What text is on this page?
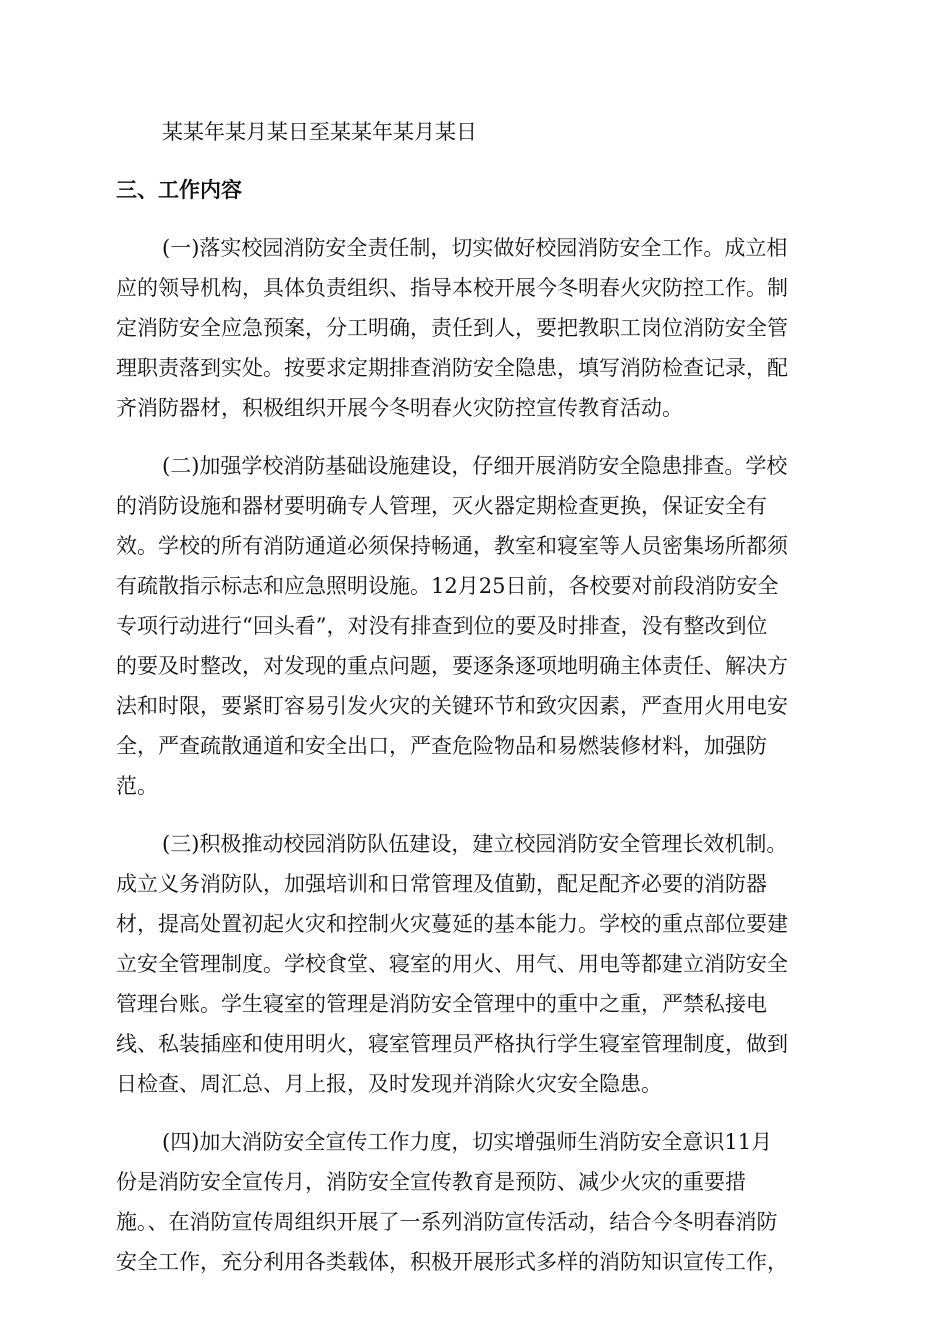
某某年某月某日至某某年某月某日

三、工作内容

(一)落实校园消防安全责任制，切实做好校园消防安全工作。成立相

应的领导机构，具体负责组织、指导本校开展今冬明春火灾防控工作。制

定消防安全应急预案，分工明确，责任到人，要把教职工岗位消防安全管

理职责落到实处。按要求定期排查消防安全隐患，填写消防检查记录，配

齐消防器材，积极组织开展今冬明春火灾防控宣传教育活动。

(二)加强学校消防基础设施建设，仔细开展消防安全隐患排查。学校

的消防设施和器材要明确专人管理，灭火器定期检查更换，保证安全有

效。学校的所有消防通道必须保持畅通，教室和寝室等人员密集场所都须

有疏散指示标志和应急照明设施。12月25日前，各校要对前段消防安全

专项行动进行“回头看”，对没有排查到位的要及时排查，没有整改到位

的要及时整改，对发现的重点问题，要逐条逐项地明确主体责任、解决方

法和时限，要紧盯容易引发火灾的关键环节和致灾因素，严查用火用电安

全，严查疏散通道和安全出口，严查危险物品和易燃装修材料，加强防

范。

(三)积极推动校园消防队伍建设，建立校园消防安全管理长效机制。

成立义务消防队，加强培训和日常管理及值勤，配足配齐必要的消防器

材，提高处置初起火灾和控制火灾蔓延的基本能力。学校的重点部位要建

立安全管理制度。学校食堂、寝室的用火、用气、用电等都建立消防安全

管理台账。学生寝室的管理是消防安全管理中的重中之重，严禁私接电

线、私装插座和使用明火，寝室管理员严格执行学生寝室管理制度，做到

日检查、周汇总、月上报，及时发现并消除火灾安全隐患。

(四)加大消防安全宣传工作力度，切实增强师生消防安全意识11月

份是消防安全宣传月，消防安全宣传教育是预防、减少火灾的重要措

施。、在消防宣传周组织开展了一系列消防宣传活动，结合今冬明春消防

安全工作，充分利用各类载体，积极开展形式多样的消防知识宣传工作，
